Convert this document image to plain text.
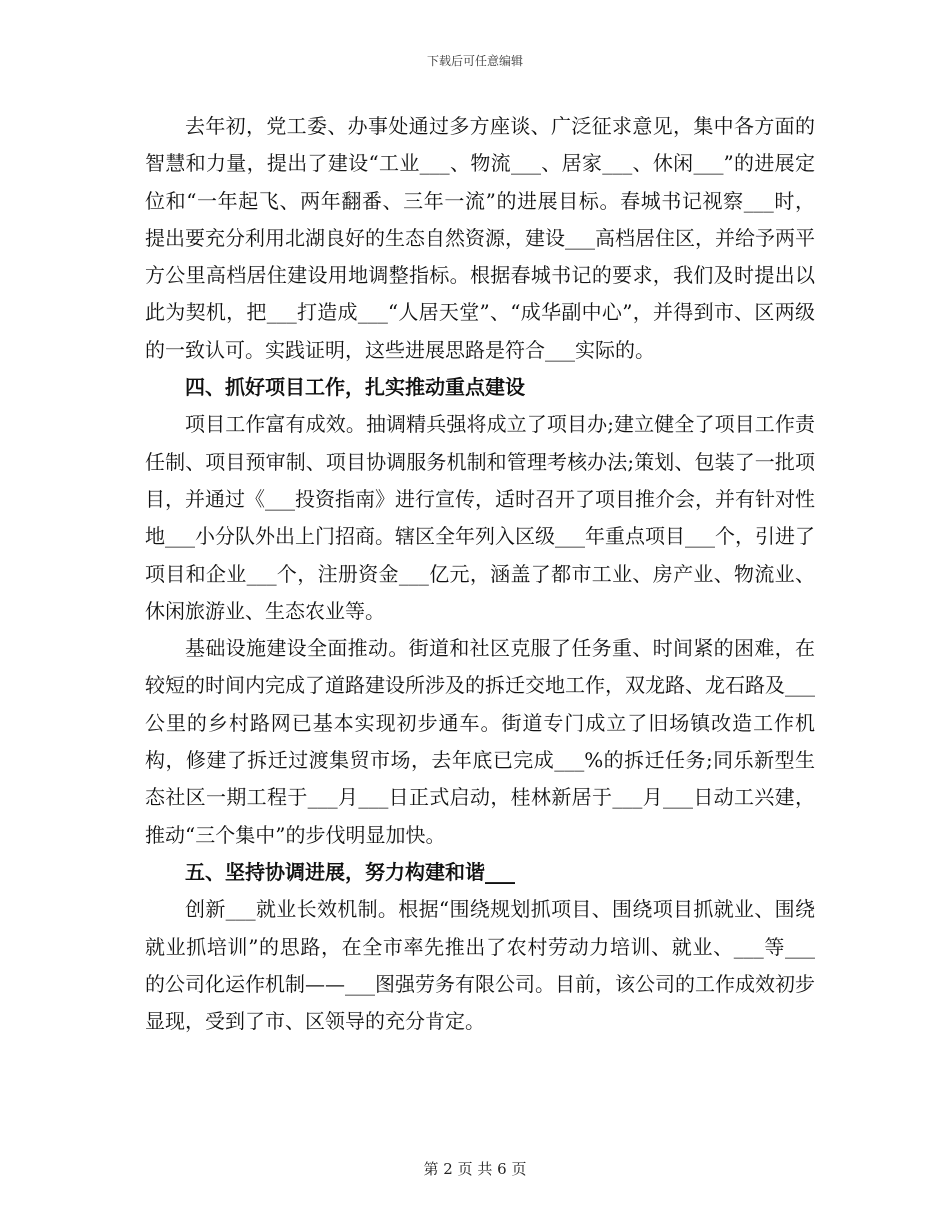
下载后可任意编辑

去年初，党工委、办事处通过多方座谈、广泛征求意见，集中各方面的智慧和力量，提出了建设“工业___、物流___、居家___、休闲___”的进展定位和“一年起飞、两年翻番、三年一流”的进展目标。春城书记视察___时，提出要充分利用北湖良好的生态自然资源，建设___高档居住区，并给予两平方公里高档居住建设用地调整指标。根据春城书记的要求，我们及时提出以此为契机，把___打造成___“人居天堂”、“成华副中心”，并得到市、区两级的一致认可。实践证明，这些进展思路是符合___实际的。

四、抓好项目工作，扎实推动重点建设

项目工作富有成效。抽调精兵强将成立了项目办;建立健全了项目工作责任制、项目预审制、项目协调服务机制和管理考核办法;策划、包装了一批项目，并通过《___投资指南》进行宣传，适时召开了项目推介会，并有针对性地___小分队外出上门招商。辖区全年列入区级___年重点项目___个，引进了项目和企业___个，注册资金___亿元，涵盖了都市工业、房产业、物流业、休闲旅游业、生态农业等。

基础设施建设全面推动。街道和社区克服了任务重、时间紧的困难，在较短的时间内完成了道路建设所涉及的拆迁交地工作，双龙路、龙石路及___公里的乡村路网已基本实现初步通车。街道专门成立了旧场镇改造工作机构，修建了拆迁过渡集贸市场，去年底已完成___%的拆迁任务;同乐新型生态社区一期工程于___月___日正式启动，桂林新居于___月___日动工兴建，推动“三个集中”的步伐明显加快。

五、坚持协调进展，努力构建和谐___

创新___就业长效机制。根据“围绕规划抓项目、围绕项目抓就业、围绕就业抓培训”的思路，在全市率先推出了农村劳动力培训、就业、___等___的公司化运作机制——___图强劳务有限公司。目前，该公司的工作成效初步显现，受到了市、区领导的充分肯定。

第 2 页 共 6 页
